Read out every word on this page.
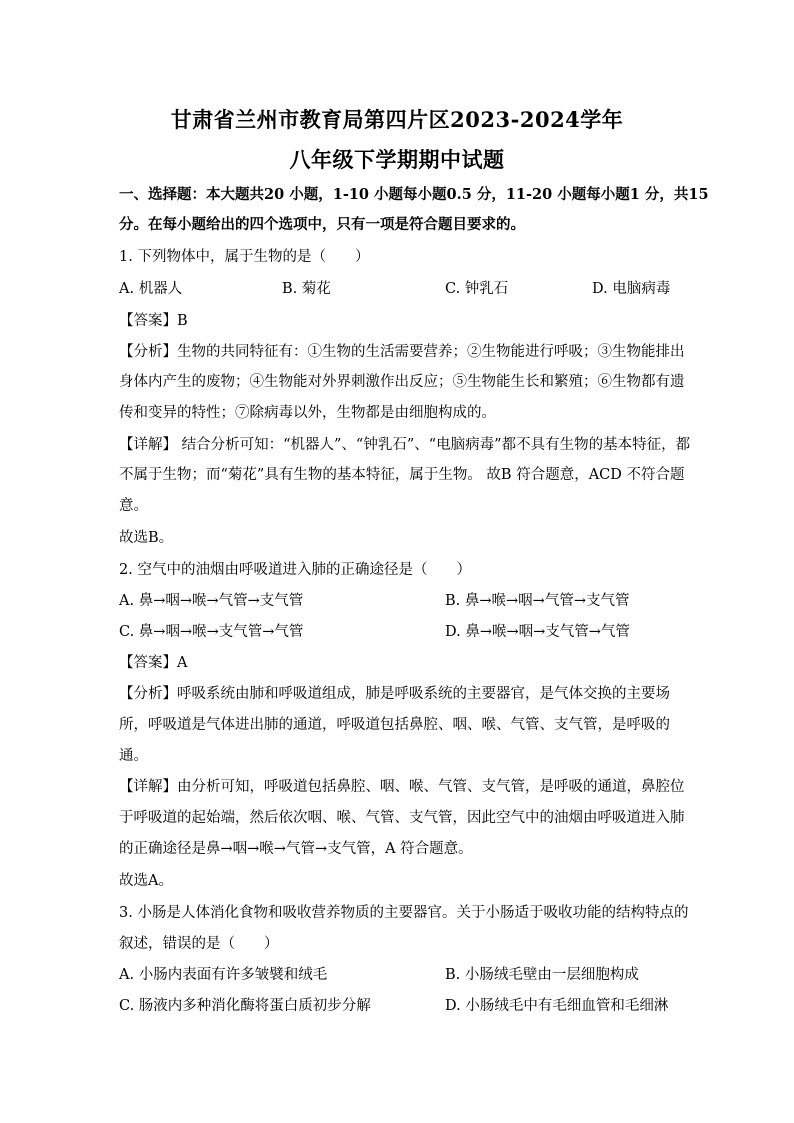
甘肃省兰州市教育局第四片区2023-2024学年
八年级下学期期中试题
一、选择题：本大题共20 小题，1-10 小题每小题0.5 分，11-20 小题每小题1 分，共15
分。在每小题给出的四个选项中，只有一项是符合题目要求的。
1. 下列物体中，属于生物的是（　　）
A. 机器人	B. 菊花	C. 钟乳石	D. 电脑病毒
【答案】B
【分析】生物的共同特征有：①生物的生活需要营养；②生物能进行呼吸；③生物能排出
身体内产生的废物；④生物能对外界刺激作出反应；⑤生物能生长和繁殖；⑥生物都有遗
传和变异的特性；⑦除病毒以外，生物都是由细胞构成的。
【详解】 结合分析可知：“机器人”、“钟乳石”、“电脑病毒”都不具有生物的基本特征，都
不属于生物；而“菊花”具有生物的基本特征，属于生物。 故B 符合题意，ACD 不符合题
意。
故选B。
2. 空气中的油烟由呼吸道进入肺的正确途径是（　　）
A. 鼻→咽→喉→气管→支气管	B. 鼻→喉→咽→气管→支气管
C. 鼻→咽→喉→支气管→气管	D. 鼻→喉→咽→支气管→气管
【答案】A
【分析】呼吸系统由肺和呼吸道组成，肺是呼吸系统的主要器官，是气体交换的主要场
所，呼吸道是气体进出肺的通道，呼吸道包括鼻腔、咽、喉、气管、支气管，是呼吸的
通。
【详解】由分析可知，呼吸道包括鼻腔、咽、喉、气管、支气管，是呼吸的通道，鼻腔位
于呼吸道的起始端，然后依次咽、喉、气管、支气管，因此空气中的油烟由呼吸道进入肺
的正确途径是鼻→咽→喉→气管→支气管，A 符合题意。
故选A。
3. 小肠是人体消化食物和吸收营养物质的主要器官。关于小肠适于吸收功能的结构特点的
叙述，错误的是（　　）
A. 小肠内表面有许多皱襞和绒毛	B. 小肠绒毛壁由一层细胞构成
C. 肠液内多种消化酶将蛋白质初步分解	D. 小肠绒毛中有毛细血管和毛细淋
